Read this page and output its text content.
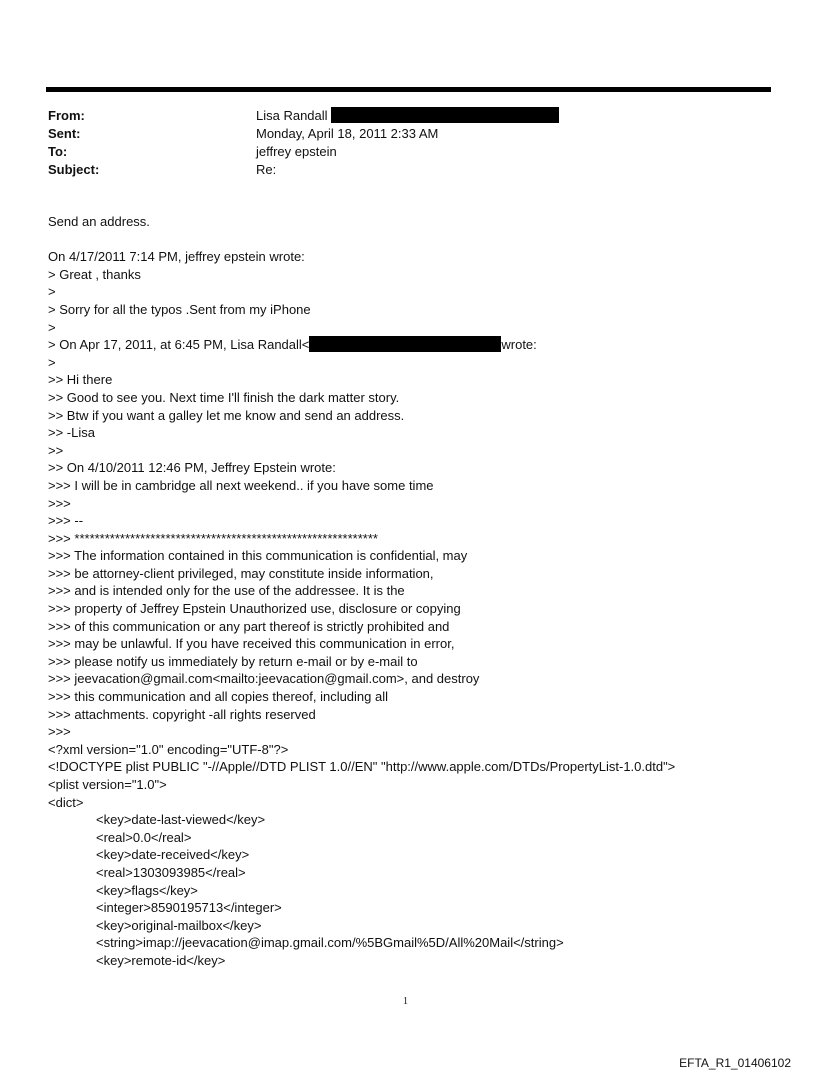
From:	Lisa Randall
Sent:	Monday, April 18, 2011 2:33 AM
To:	jeffrey epstein
Subject:	Re:
Send an address.
On 4/17/2011 7:14 PM, jeffrey epstein wrote:
> Great , thanks
>
> Sorry for all the typos .Sent from my iPhone
>
> On Apr 17, 2011, at 6:45 PM, Lisa Randall<	wrote:
>
>> Hi there
>> Good to see you. Next time I'll finish the dark matter story.
>> Btw if you want a galley let me know and send an address.
>> -Lisa
>>
>> On 4/10/2011 12:46 PM, Jeffrey Epstein wrote:
>>> I will be in cambridge all next weekend.. if you have some time
>>>
>>> --
>>> ************************************************************
>>> The information contained in this communication is confidential, may
>>> be attorney-client privileged, may constitute inside information,
>>> and is intended only for the use of the addressee. It is the
>>> property of Jeffrey Epstein Unauthorized use, disclosure or copying
>>> of this communication or any part thereof is strictly prohibited and
>>> may be unlawful. If you have received this communication in error,
>>> please notify us immediately by return e-mail or by e-mail to
>>> jeevacation@gmail.com<mailto:jeevacation@gmail.com>, and destroy
>>> this communication and all copies thereof, including all
>>> attachments. copyright -all rights reserved
>>>
<?xml version="1.0" encoding="UTF-8"?>
<!DOCTYPE plist PUBLIC "-//Apple//DTD PLIST 1.0//EN" "http://www.apple.com/DTDs/PropertyList-1.0.dtd">
<plist version="1.0">
<dict>
<key>date-last-viewed</key>
<real>0.0</real>
<key>date-received</key>
<real>1303093985</real>
<key>flags</key>
<integer>8590195713</integer>
<key>original-mailbox</key>
<string>imap://jeevacation@imap.gmail.com/%5BGmail%5D/All%20Mail</string>
<key>remote-id</key>
1
EFTA_R1_01406102
